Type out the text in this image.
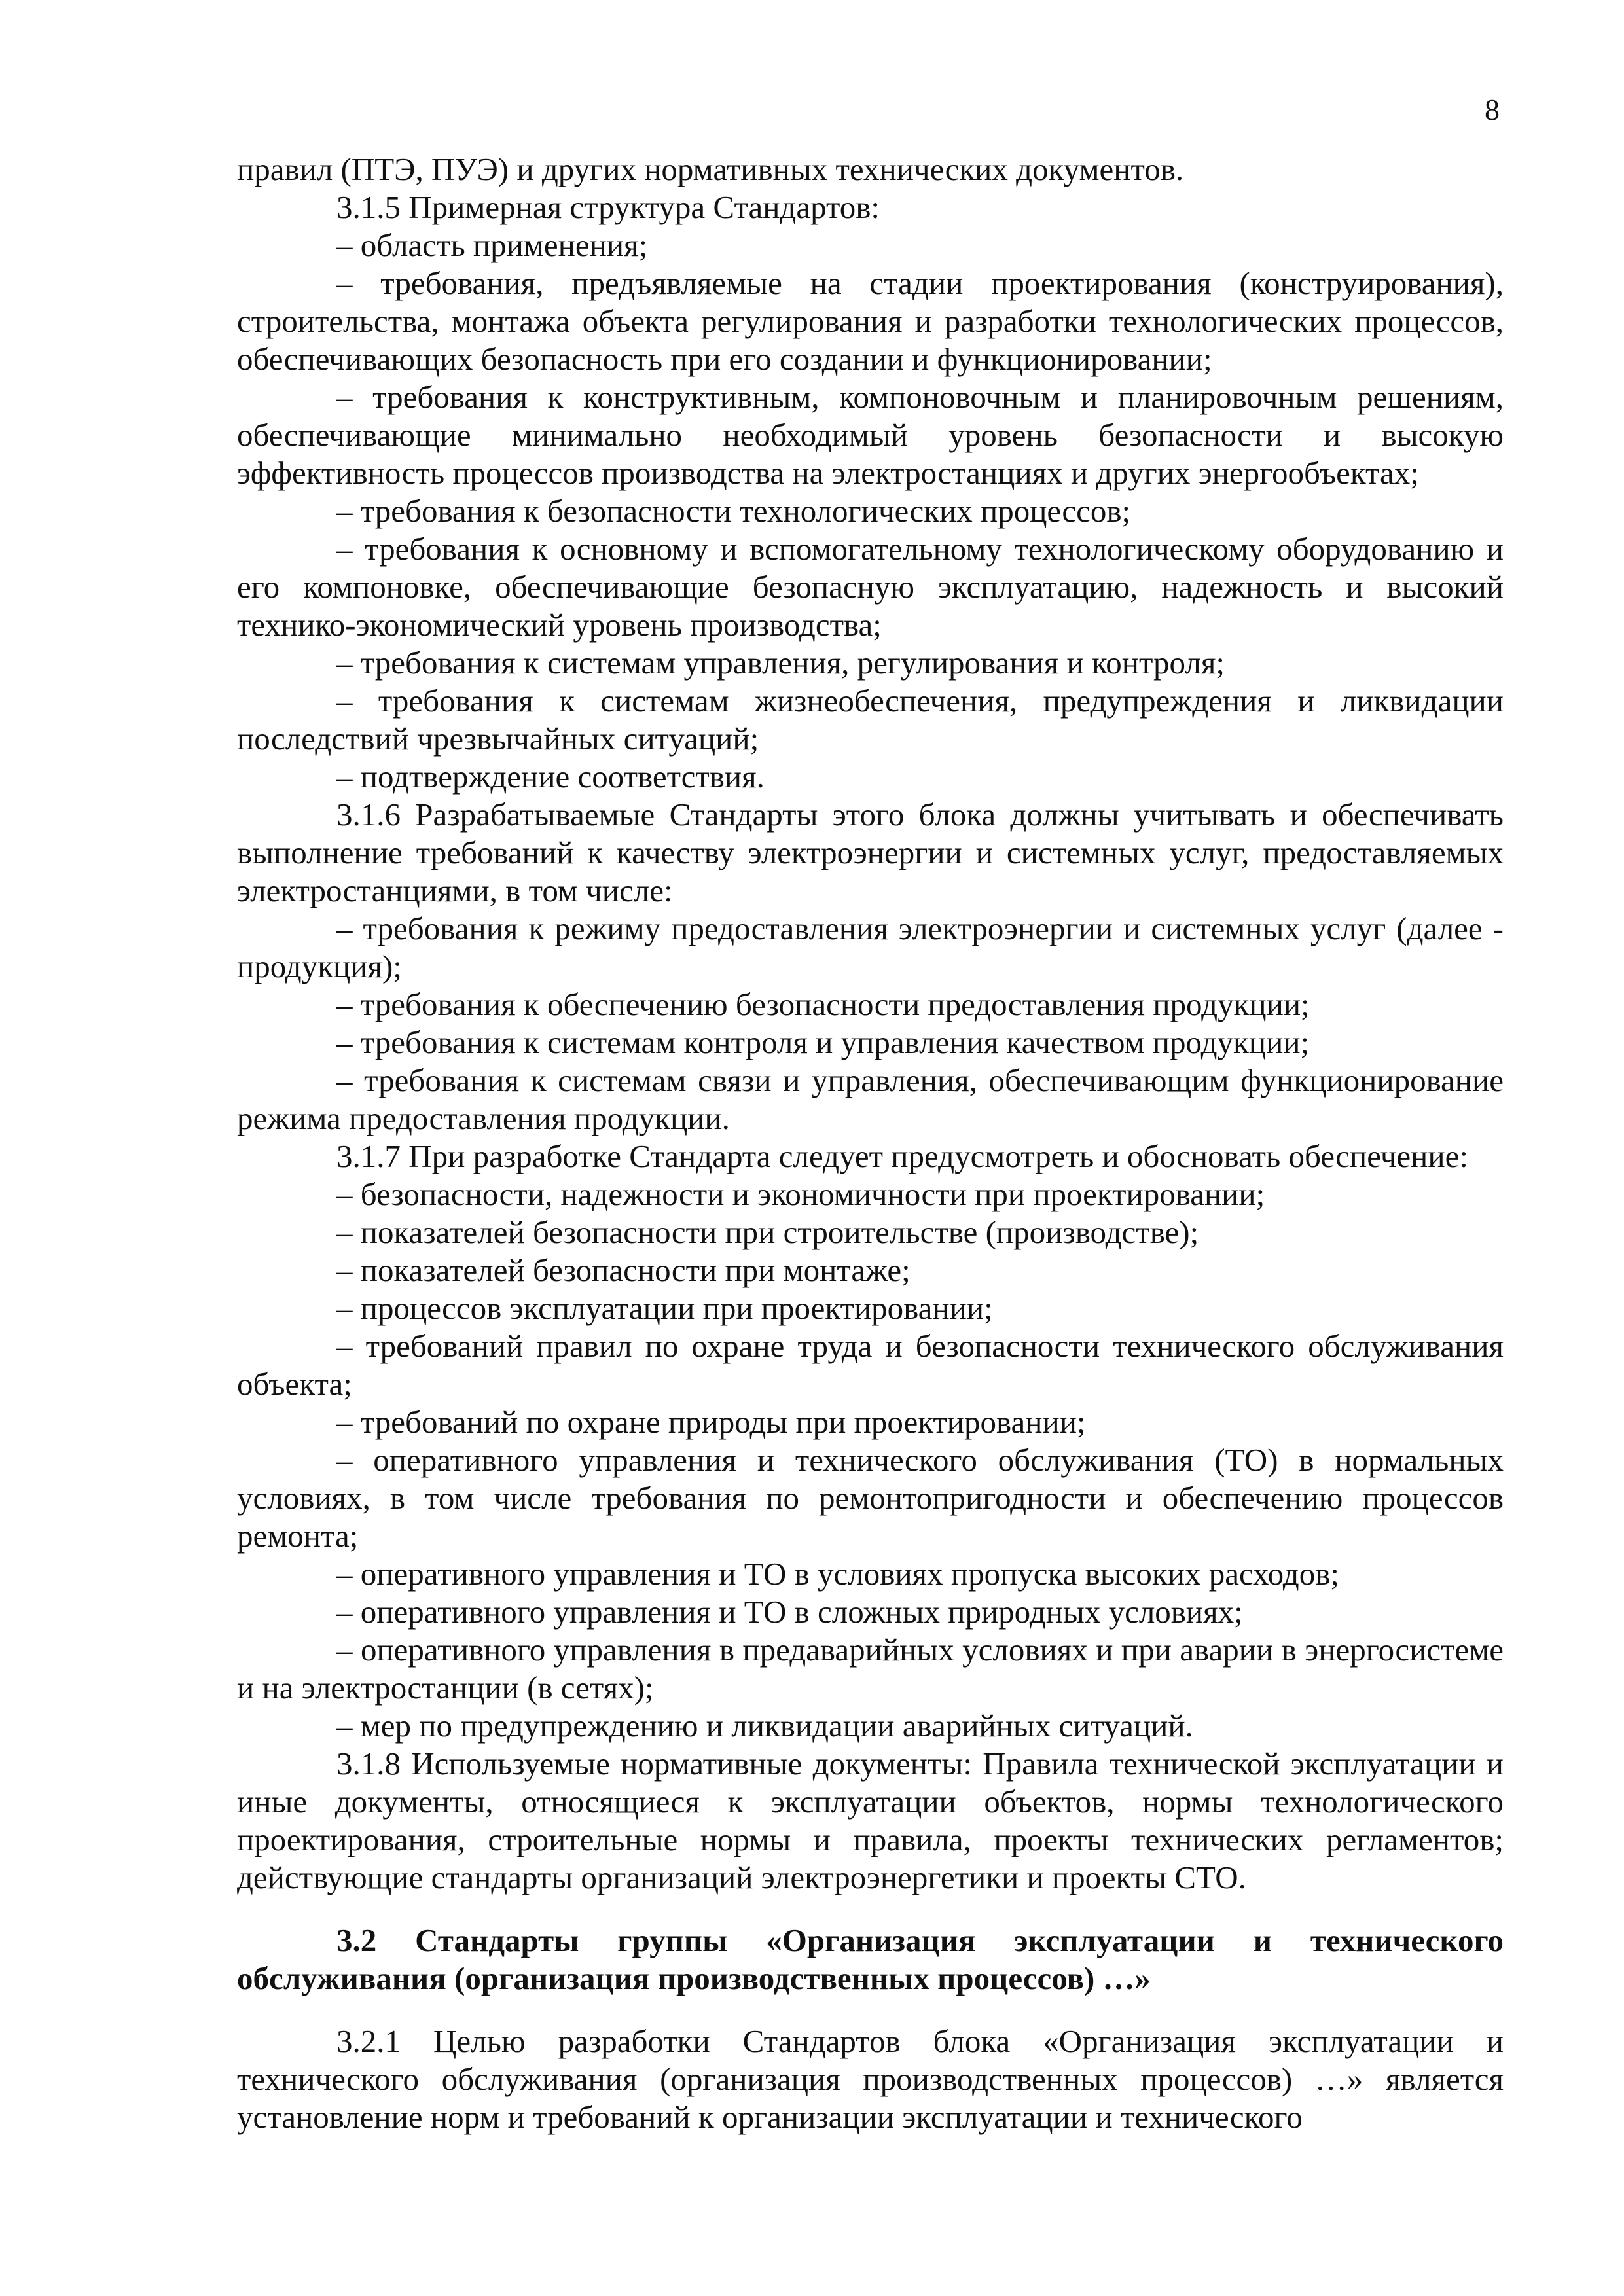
8

правил (ПТЭ, ПУЭ) и других нормативных технических документов.

3.1.5 Примерная структура Стандартов:

– область применения;

– требования, предъявляемые на стадии проектирования (конструирования), строительства, монтажа объекта регулирования и разработки технологических процессов, обеспечивающих безопасность при его создании и функционировании;

– требования к конструктивным, компоновочным и планировочным решениям, обеспечивающие минимально необходимый уровень безопасности и высокую эффективность процессов производства на электростанциях и других энергообъектах;

– требования к безопасности технологических процессов;

– требования к основному и вспомогательному технологическому оборудованию и его компоновке, обеспечивающие безопасную эксплуатацию, надежность и высокий технико-экономический уровень производства;

– требования к системам управления, регулирования и контроля;

– требования к системам жизнеобеспечения, предупреждения и ликвидации последствий чрезвычайных ситуаций;

– подтверждение соответствия.

3.1.6 Разрабатываемые Стандарты этого блока должны учитывать и обеспечивать выполнение требований к качеству электроэнергии и системных услуг, предоставляемых электростанциями, в том числе:

– требования к режиму предоставления электроэнергии и системных услуг (далее - продукция);

– требования к обеспечению безопасности предоставления продукции;

– требования к системам контроля и управления качеством продукции;

– требования к системам связи и управления, обеспечивающим функционирование режима предоставления продукции.

3.1.7 При разработке Стандарта следует предусмотреть и обосновать обеспечение:

– безопасности, надежности и экономичности при проектировании;

– показателей безопасности при строительстве (производстве);

– показателей безопасности при монтаже;

– процессов эксплуатации при проектировании;

– требований правил по охране труда и безопасности технического обслуживания объекта;

– требований по охране природы при проектировании;

– оперативного управления и технического обслуживания (ТО) в нормальных условиях, в том числе требования по ремонтопригодности и обеспечению процессов ремонта;

– оперативного управления и ТО в условиях пропуска высоких расходов;

– оперативного управления и ТО в сложных природных условиях;

– оперативного управления в предаварийных условиях и при аварии в энергосистеме и на электростанции (в сетях);

– мер по предупреждению и ликвидации аварийных ситуаций.

3.1.8 Используемые нормативные документы: Правила технической эксплуатации и иные документы, относящиеся к эксплуатации объектов, нормы технологического проектирования, строительные нормы и правила, проекты технических регламентов; действующие стандарты организаций электроэнергетики и проекты СТО.

3.2 Стандарты группы «Организация эксплуатации и технического обслуживания (организация производственных процессов) …»

3.2.1 Целью разработки Стандартов блока «Организация эксплуатации и технического обслуживания (организация производственных процессов) …» является установление норм и требований к организации эксплуатации и технического
